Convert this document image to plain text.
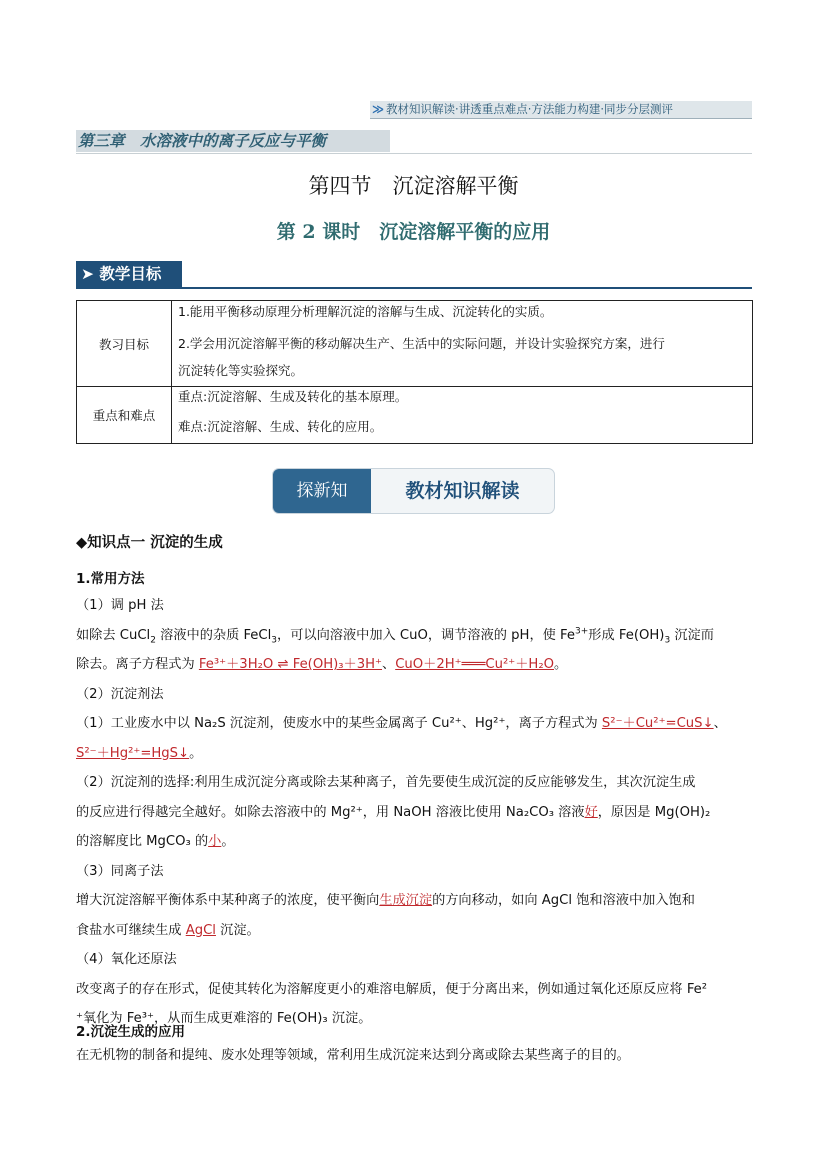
≫ 教材知识解读·讲透重点难点·方法能力构建·同步分层测评
第三章　水溶液中的离子反应与平衡
第四节　沉淀溶解平衡
第 2 课时　沉淀溶解平衡的应用
➤ 教学目标
教习目标	1.能用平衡移动原理分析理解沉淀的溶解与生成、沉淀转化的实质。
2.学会用沉淀溶解平衡的移动解决生产、生活中的实际问题，并设计实验探究方案，进行
沉淀转化等实验探究。

重点和难点	重点:沉淀溶解、生成及转化的基本原理。
难点:沉淀溶解、生成、转化的应用。
探新知	教材知识解读
◆知识点一 沉淀的生成
1.常用方法
（1）调 pH 法
如除去 CuCl$_2$ 溶液中的杂质 FeCl$_3$，可以向溶液中加入 CuO，调节溶液的 pH，使 $Fe^{3+}$形成 $Fe(OH)_3$ 沉淀而
除去。离子方程式为 Fe³⁺＋3H₂O ⇌ Fe(OH)₃＋3H⁺、CuO＋2H⁺═══Cu²⁺＋H₂O。
（2）沉淀剂法
（1）工业废水中以 Na₂S 沉淀剂，使废水中的某些金属离子 Cu²⁺、Hg²⁺，离子方程式为 S²⁻＋Cu²⁺=CuS↓、
S²⁻＋Hg²⁺=HgS↓。
（2）沉淀剂的选择:利用生成沉淀分离或除去某种离子，首先要使生成沉淀的反应能够发生，其次沉淀生成
的反应进行得越完全越好。如除去溶液中的 Mg²⁺，用 NaOH 溶液比使用 Na₂CO₃ 溶液好，原因是 Mg(OH)₂
的溶解度比 MgCO₃ 的小。
（3）同离子法
增大沉淀溶解平衡体系中某种离子的浓度，使平衡向生成沉淀的方向移动，如向 AgCl 饱和溶液中加入饱和
食盐水可继续生成 AgCl 沉淀。
（4）氧化还原法
改变离子的存在形式，促使其转化为溶解度更小的难溶电解质，便于分离出来，例如通过氧化还原反应将 Fe²
⁺氧化为 Fe³⁺，从而生成更难溶的 Fe(OH)₃ 沉淀。
2.沉淀生成的应用
在无机物的制备和提纯、废水处理等领域，常利用生成沉淀来达到分离或除去某些离子的目的。
